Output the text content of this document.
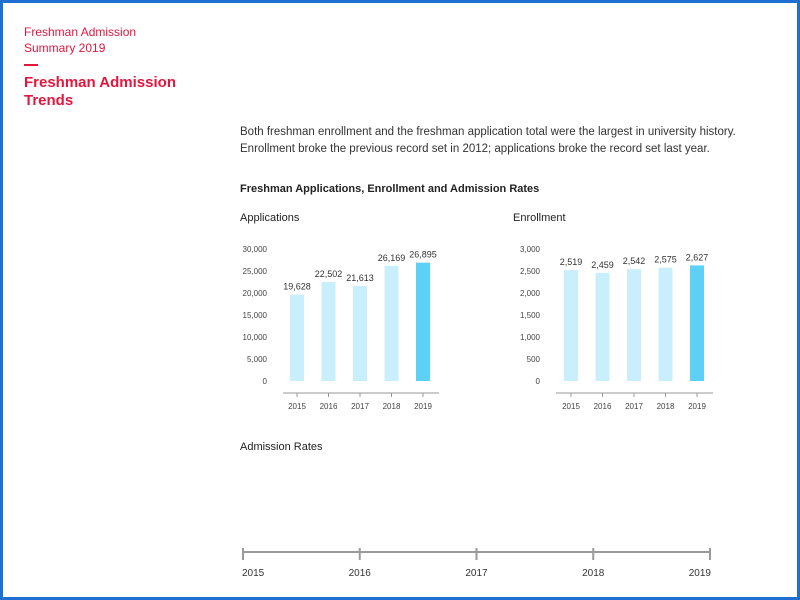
Freshman Admission Summary 2019
Freshman Admission Trends
Both freshman enrollment and the freshman application total were the largest in university history. Enrollment broke the previous record set in 2012; applications broke the record set last year.
Freshman Applications, Enrollment and Admission Rates
Applications	Enrollment
Admission Rates
0
5,000
10,000
15,000
20,000
25,000
30,000
19,628
2015
22,502
2016
21,613
2017
26,169
2018
26,895
2019
0
500
1,000
1,500
2,000
2,500
3,000
2,519
2015
2,459
2016
2,542
2017
2,575
2018
2,627
2019
2015	2016	2017	2018	2019
